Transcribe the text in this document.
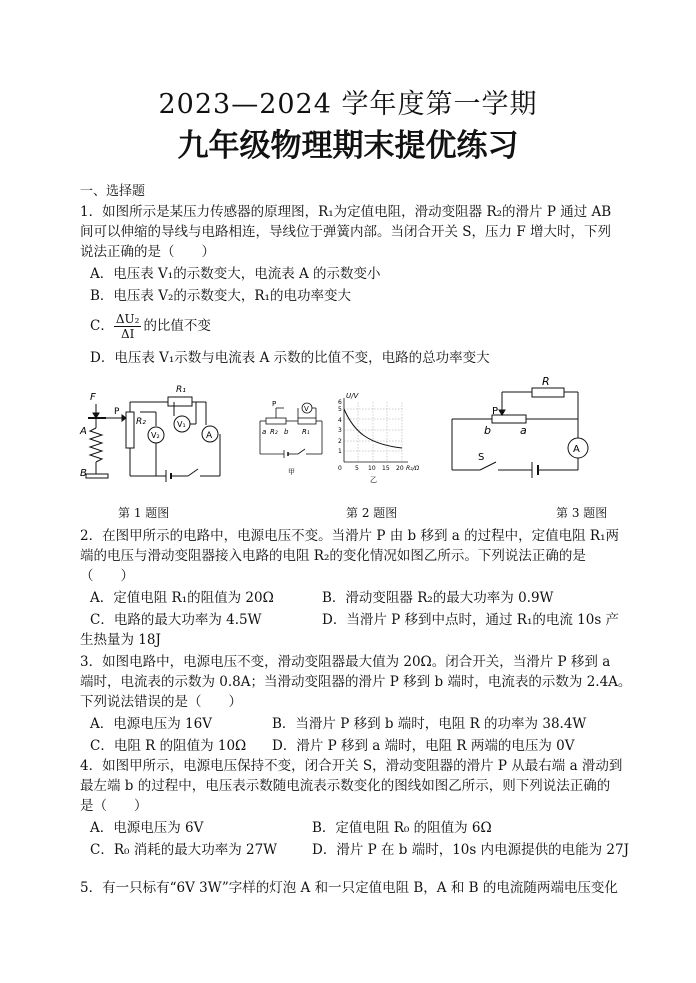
2023—2024 学年度第一学期
九年级物理期末提优练习
一、选择题
1．如图所示是某压力传感器的原理图，R₁为定值电阻，滑动变阻器 R₂的滑片 P 通过 AB
间可以伸缩的导线与电路相连，导线位于弹簧内部。当闭合开关 S，压力 F 增大时，下列
说法正确的是（　　）
A．电压表 V₁的示数变大，电流表 A 的示数变小
B．电压表 V₂的示数变大，R₁的电功率变大
C． $\frac{\text{ΔU₂}}{\Delta I}$ 的比值不变
D．电压表 V₁示数与电流表 A 示数的比值不变，电路的总功率变大
F
A
B
P
R₁
R₂
V₂
V₁
A
P
a R₂ b R₁
V
甲
U/V
R₂/Ω
6
5
4
3
2
1
0 5 10 15 20
乙
R
P
b	a
S
A
第 1 题图	第 2 题图	第 3 题图
2．在图甲所示的电路中，电源电压不变。当滑片 P 由 b 移到 a 的过程中，定值电阻 R₁两
端的电压与滑动变阻器接入电路的电阻 R₂的变化情况如图乙所示。下列说法正确的是
（　　）
A．定值电阻 R₁的阻值为 20Ω	B．滑动变阻器 R₂的最大功率为 0.9W
C．电路的最大功率为 4.5W	D．当滑片 P 移到中点时，通过 R₁的电流 10s 产
生热量为 18J
3．如图电路中，电源电压不变，滑动变阻器最大值为 20Ω。闭合开关，当滑片 P 移到 a
端时，电流表的示数为 0.8A；当滑动变阻器的滑片 P 移到 b 端时，电流表的示数为 2.4A。
下列说法错误的是（　　）
A．电源电压为 16V	B．当滑片 P 移到 b 端时，电阻 R 的功率为 38.4W
C．电阻 R 的阻值为 10Ω D．滑片 P 移到 a 端时，电阻 R 两端的电压为 0V
4．如图甲所示，电源电压保持不变，闭合开关 S，滑动变阻器的滑片 P 从最右端 a 滑动到
最左端 b 的过程中，电压表示数随电流表示数变化的图线如图乙所示，则下列说法正确的
是（　　）
A．电源电压为 6V	B．定值电阻 R₀ 的阻值为 6Ω
C．R₀ 消耗的最大功率为 27W	D．滑片 P 在 b 端时，10s 内电源提供的电能为 27J
5．有一只标有“6V 3W”字样的灯泡 A 和一只定值电阻 B，A 和 B 的电流随两端电压变化
